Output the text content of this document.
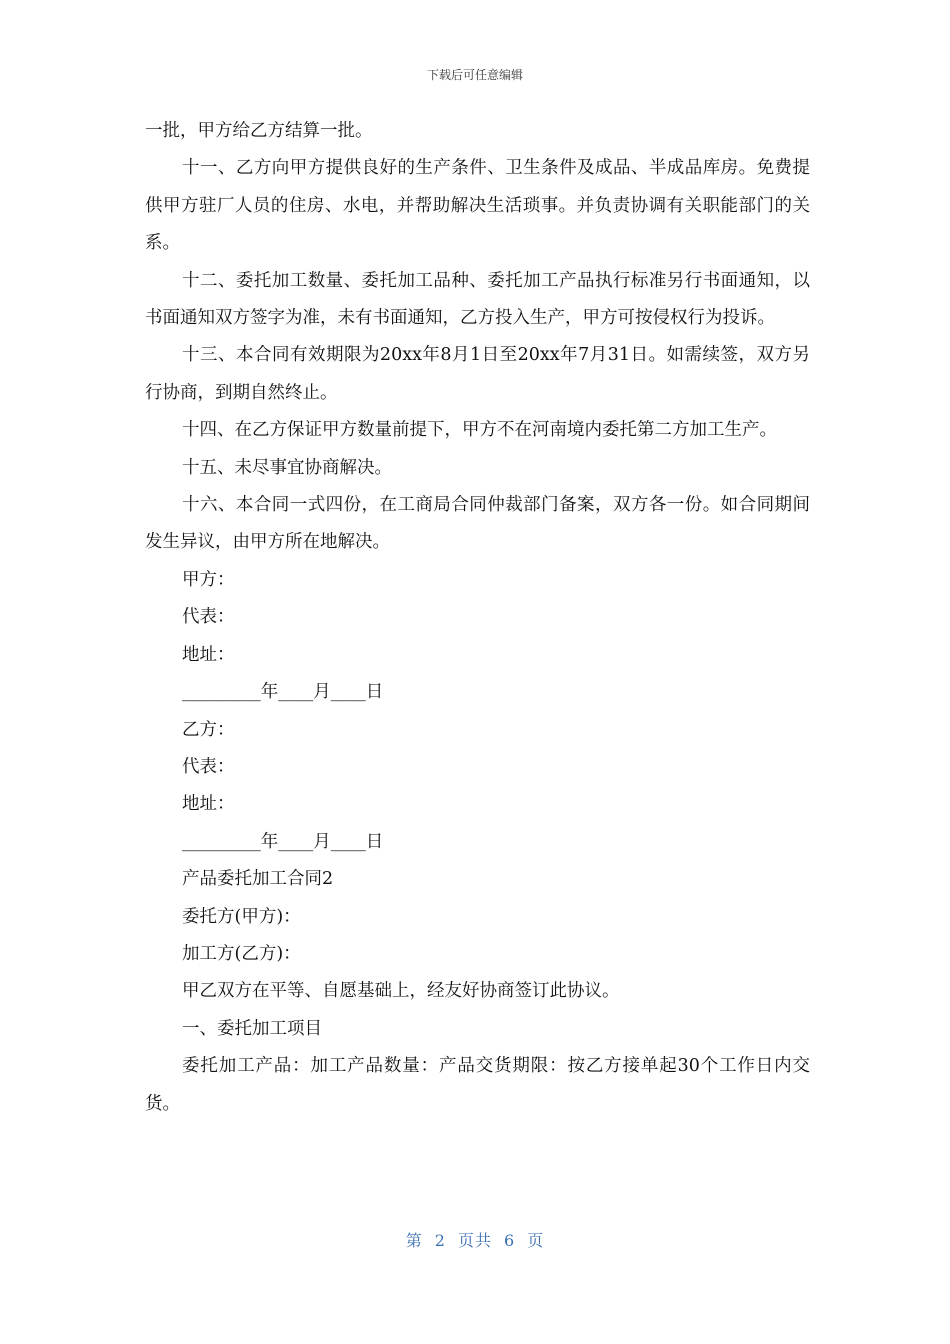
下载后可任意编辑

一批，甲方给乙方结算一批。

十一、乙方向甲方提供良好的生产条件、卫生条件及成品、半成品库房。免费提供甲方驻厂人员的住房、水电，并帮助解决生活琐事。并负责协调有关职能部门的关系。

十二、委托加工数量、委托加工品种、委托加工产品执行标准另行书面通知，以书面通知双方签字为准，未有书面通知，乙方投入生产，甲方可按侵权行为投诉。

十三、本合同有效期限为20xx年8月1日至20xx年7月31日。如需续签，双方另行协商，到期自然终止。

十四、在乙方保证甲方数量前提下，甲方不在河南境内委托第二方加工生产。

十五、未尽事宜协商解决。

十六、本合同一式四份，在工商局合同仲裁部门备案，双方各一份。如合同期间发生异议，由甲方所在地解决。

甲方：

代表：

地址：

_________年____月____日

乙方：

代表：

地址：

_________年____月____日

产品委托加工合同2

委托方(甲方)：

加工方(乙方)：

甲乙双方在平等、自愿基础上，经友好协商签订此协议。

一、委托加工项目

委托加工产品：加工产品数量：产品交货期限：按乙方接单起30个工作日内交货。

第 2 页共 6 页
